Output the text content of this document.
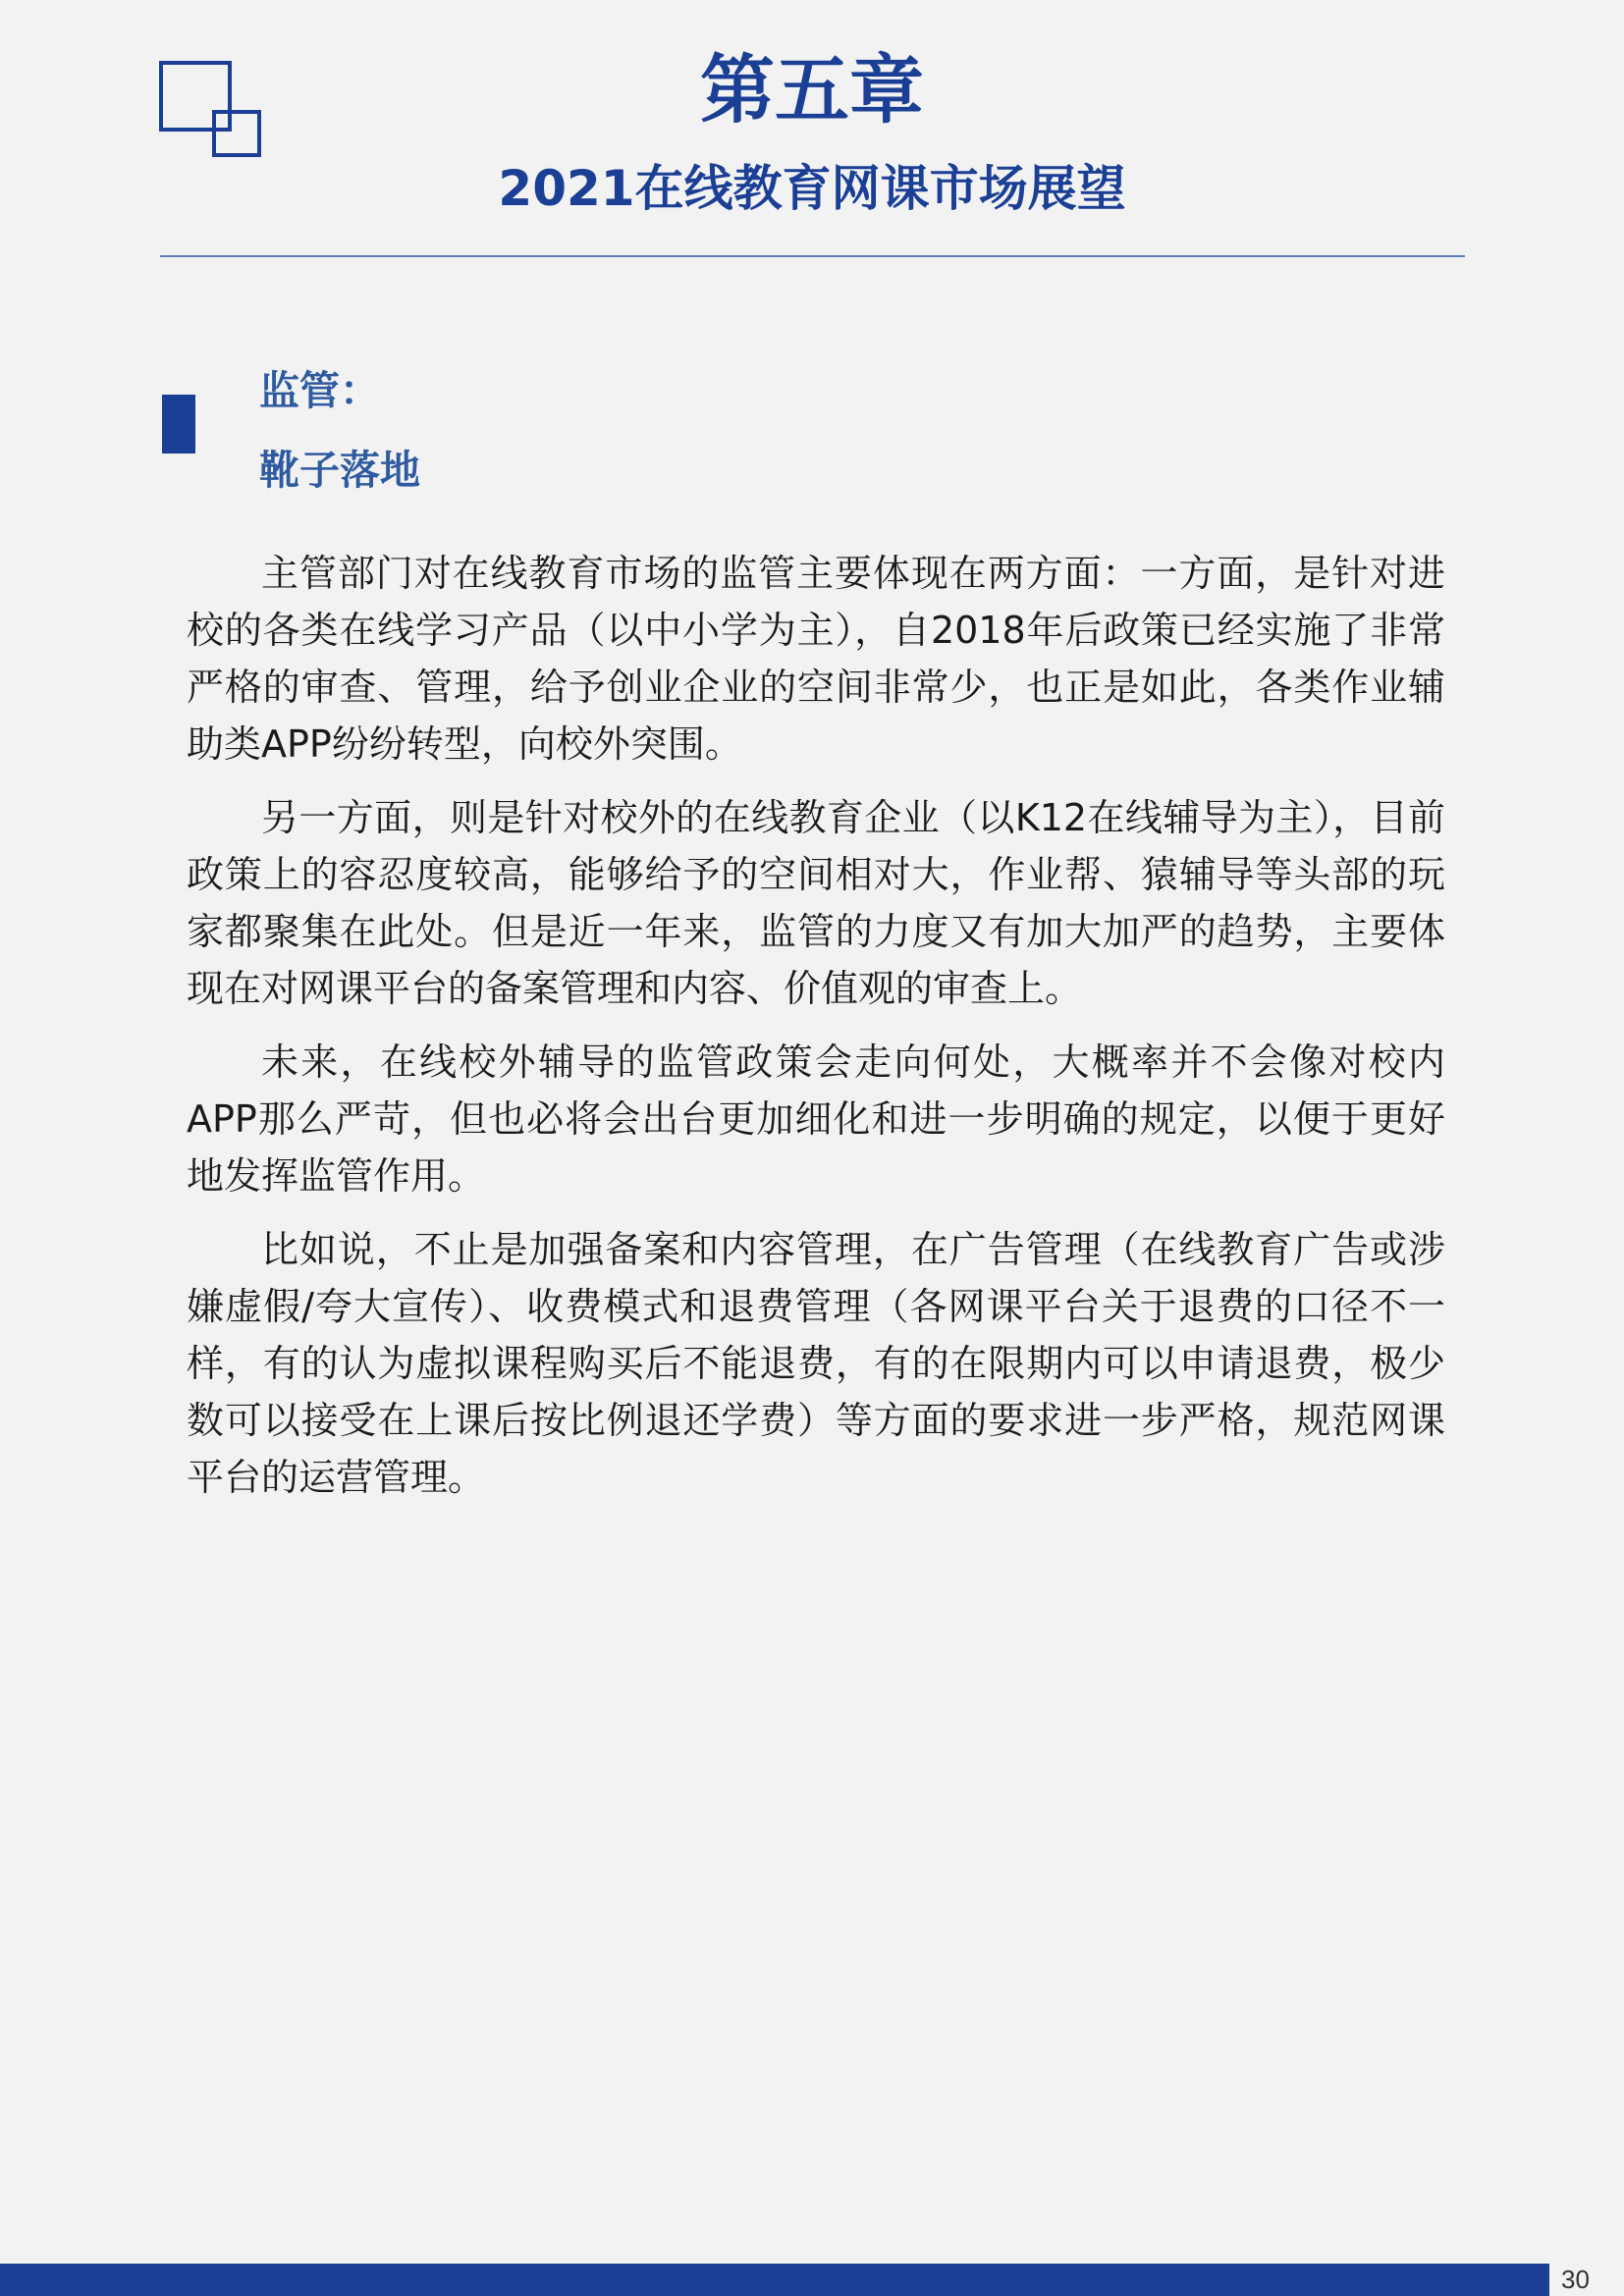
第五章
2021在线教育网课市场展望
监管：
靴子落地

主管部门对在线教育市场的监管主要体现在两方面：一方面，是针对进校的各类在线学习产品（以中小学为主），自2018年后政策已经实施了非常严格的审查、管理，给予创业企业的空间非常少，也正是如此，各类作业辅助类APP纷纷转型，向校外突围。

另一方面，则是针对校外的在线教育企业（以K12在线辅导为主），目前政策上的容忍度较高，能够给予的空间相对大，作业帮、猿辅导等头部的玩家都聚集在此处。但是近一年来，监管的力度又有加大加严的趋势，主要体现在对网课平台的备案管理和内容、价值观的审查上。

未来，在线校外辅导的监管政策会走向何处，大概率并不会像对校内APP那么严苛，但也必将会出台更加细化和进一步明确的规定，以便于更好地发挥监管作用。

比如说，不止是加强备案和内容管理，在广告管理（在线教育广告或涉嫌虚假/夸大宣传）、收费模式和退费管理（各网课平台关于退费的口径不一样，有的认为虚拟课程购买后不能退费，有的在限期内可以申请退费，极少数可以接受在上课后按比例退还学费）等方面的要求进一步严格，规范网课平台的运营管理。

30
